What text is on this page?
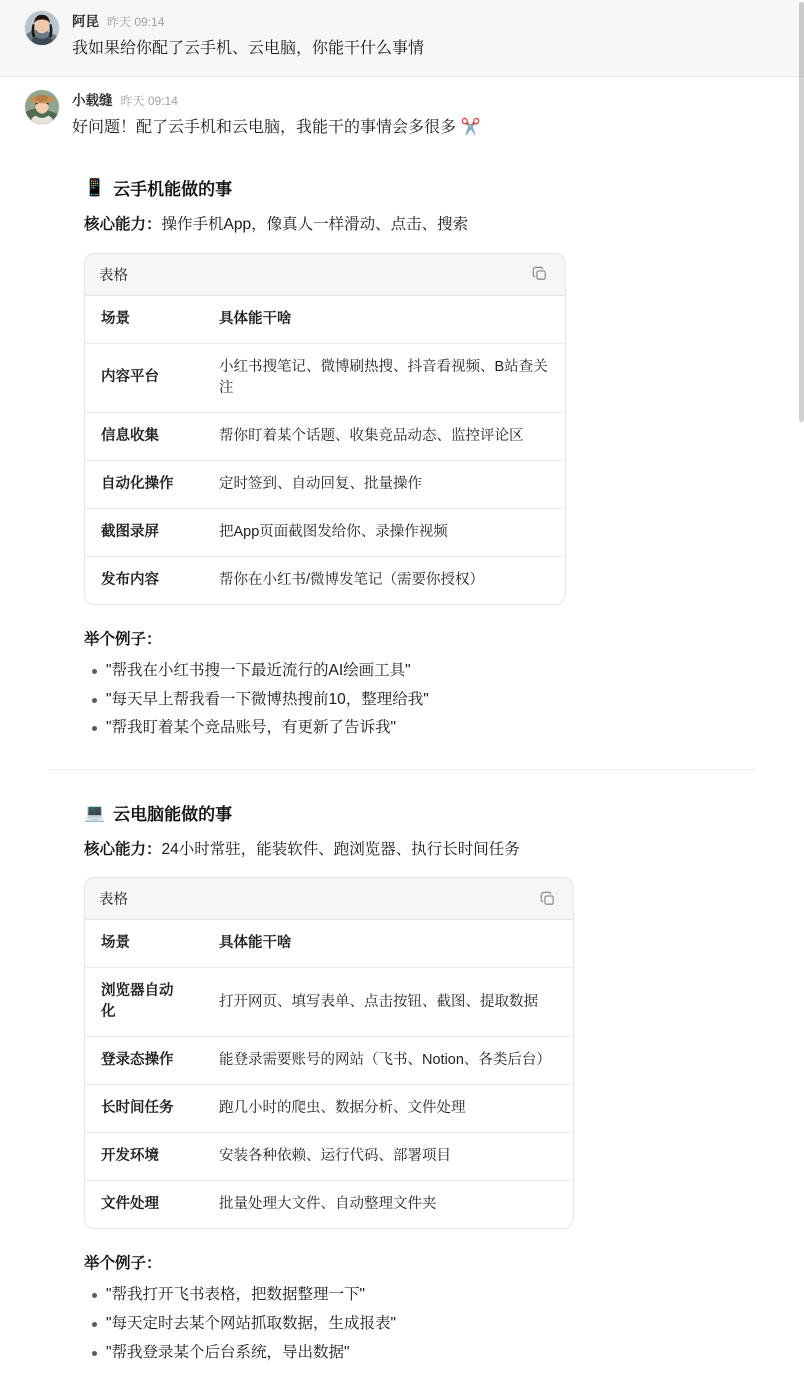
阿昆 昨天 09:14
我如果给你配了云手机、云电脑，你能干什么事情
小载缝 昨天 09:14
好问题！配了云手机和云电脑，我能干的事情会多很多 ✂️
📱 云手机能做的事
核心能力：操作手机App，像真人一样滑动、点击、搜索
表格
场景	具体能干啥
内容平台	小红书搜笔记、微博刷热搜、抖音看视频、B站查关注
信息收集	帮你盯着某个话题、收集竞品动态、监控评论区
自动化操作	定时签到、自动回复、批量操作
截图录屏	把App页面截图发给你、录操作视频
发布内容	帮你在小红书/微博发笔记（需要你授权）
举个例子：
"帮我在小红书搜一下最近流行的AI绘画工具"
"每天早上帮我看一下微博热搜前10，整理给我"
"帮我盯着某个竞品账号，有更新了告诉我"
💻 云电脑能做的事
核心能力：24小时常驻，能装软件、跑浏览器、执行长时间任务
表格
场景	具体能干啥
浏览器自动化	打开网页、填写表单、点击按钮、截图、提取数据
登录态操作	能登录需要账号的网站（飞书、Notion、各类后台）
长时间任务	跑几小时的爬虫、数据分析、文件处理
开发环境	安装各种依赖、运行代码、部署项目
文件处理	批量处理大文件、自动整理文件夹
举个例子：
"帮我打开飞书表格，把数据整理一下"
"每天定时去某个网站抓取数据，生成报表"
"帮我登录某个后台系统，导出数据"
